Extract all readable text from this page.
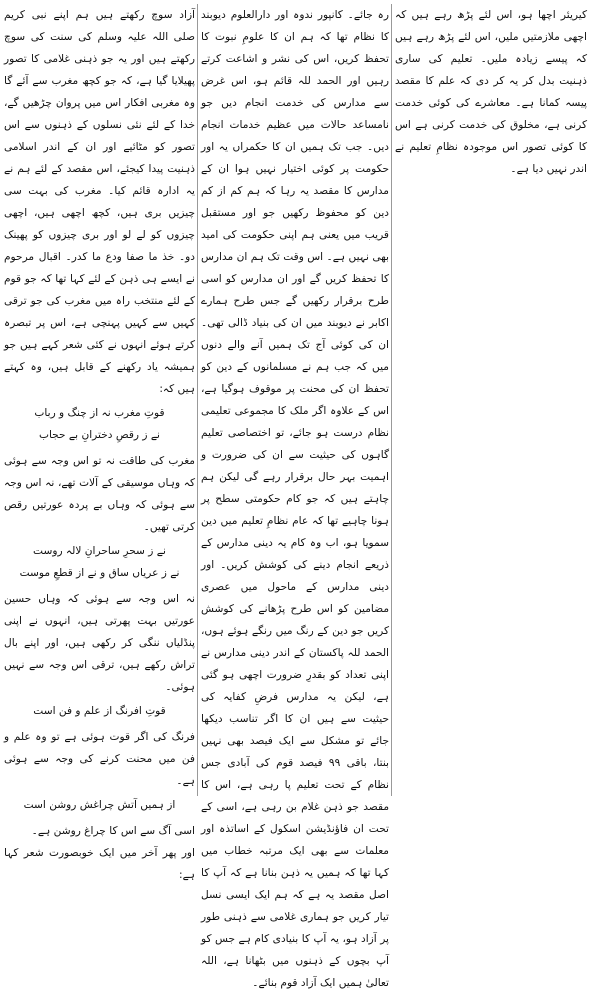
کیریئر اچھا ہو، اس لئے پڑھ رہے ہیں کہ اچھی ملازمتیں ملیں، اس لئے پڑھ رہے ہیں کہ پیسے زیادہ ملیں۔ تعلیم کی ساری ذہنیت بدل کر یہ کر دی کہ علم کا مقصد پیسہ کمانا ہے۔ معاشرے کی کوئی خدمت کرنی ہے، مخلوق کی خدمت کرنی ہے اس کا کوئی تصور اس موجودہ نظامِ تعلیم نے اندر نہیں دیا ہے۔

رہ جائے۔ کانپور ندوہ اور دارالعلوم دیوبند کا نظام تھا کہ ہم ان کا علومِ نبوت کا تحفظ کریں، اس کی نشر و اشاعت کرتے رہیں اور الحمد للہ قائم ہو، اس غرض سے مدارس کی خدمت انجام دیں جو نامساعد حالات میں عظیم خدمات انجام دیں۔ جب تک ہمیں ان کا حکمراں یہ اور حکومت پر کوئی اختیار نہیں ہوا ان کے مدارس کا مقصد یہ رہا کہ ہم کم از کم دین کو محفوظ رکھیں جو اور مستقبل قریب میں یعنی ہم اپنی حکومت کی امید بھی نہیں ہے۔ اس وقت تک ہم ان مدارس کا تحفظ کریں گے اور ان مدارس کو اسی طرح برقرار رکھیں گے جس طرح ہمارے اکابر نے دیوبند میں ان کی بنیاد ڈالی تھی۔ ان کی کوئی آج تک ہمیں آنے والے دنوں میں کہ جب ہم نے مسلمانوں کے دین کو تحفظ ان کی محنت پر موقوف ہوگیا ہے، اس کے علاوہ اگر ملک کا مجموعی تعلیمی نظام درست ہو جائے، تو اختصاصی تعلیم گاہوں کی حیثیت سے ان کی ضرورت و اہمیت بہر حال برقرار رہے گی لیکن ہم چاہتے ہیں کہ جو کام حکومتی سطح پر ہونا چاہیے تھا کہ عام نظامِ تعلیم میں دین سمویا ہو، اب وہ کام یہ دینی مدارس کے ذریعے انجام دینے کی کوشش کریں۔ اور دینی مدارس کے ماحول میں عصری مضامین کو اس طرح پڑھانے کی کوشش کریں جو دین کے رنگ میں رنگے ہوئے ہوں، الحمد للہ پاکستان کے اندر دینی مدارس نے اپنی تعداد کو بقدرِ ضرورت اچھی ہو گئی ہے، لیکن یہ مدارس فرضِ کفایہ کی حیثیت سے ہیں ان کا اگر تناسب دیکھا جائے تو مشکل سے ایک فیصد بھی نہیں بنتا، باقی ۹۹ فیصد قوم کی آبادی جس نظام کے تحت تعلیم پا رہی ہے، اس کا مقصد جو ذہن غلام بن رہی ہے، اسی کے تحت ان فاؤنڈیشن اسکول کے اساتذہ اور معلمات سے بھی ایک مرتبہ خطاب میں کہا تھا کہ ہمیں یہ ذہن بنانا ہے کہ آپ کا اصل مقصد یہ ہے کہ ہم ایک ایسی نسل تیار کریں جو ہماری غلامی سے ذہنی طور پر آزاد ہو، یہ آپ کا بنیادی کام ہے جس کو آپ بچوں کے ذہنوں میں بٹھانا ہے، اللہ تعالیٰ ہمیں ایک آزاد قوم بنائے۔

آزاد سوچ رکھتے ہیں ہم اپنے نبی کریم صلی اللہ علیہ وسلم کی سنت کی سوچ رکھتے ہیں اور یہ جو ذہنی غلامی کا تصور پھیلایا گیا ہے، کہ جو کچھ مغرب سے آئے گا وہ مغربی افکار اس میں پروان چڑھیں گے، خدا کے لئے نئی نسلوں کے ذہنوں سے اس تصور کو مٹائیے اور ان کے اندر اسلامی ذہنیت پیدا کیجئے، اس مقصد کے لئے ہم نے یہ ادارہ قائم کیا۔ مغرب کی بہت سی چیزیں بری ہیں، کچھ اچھی ہیں، اچھی چیزوں کو لے لو اور بری چیزوں کو پھینک دو۔ خذ ما صفا ودع ما کدر۔ اقبال مرحوم نے ایسے ہی ذہن کے لئے کہا تھا کہ جو قوم کے لئے منتخب راہ میں مغرب کی جو ترقی کہیں سے کہیں پہنچی ہے، اس پر تبصرہ کرتے ہوئے انہوں نے کئی شعر کہے ہیں جو ہمیشہ یاد رکھنے کے قابل ہیں، وہ کہتے ہیں کہ:

قوتِ مغرب نہ از چنگ و رباب

نے ز رقصِ دخترانِ بے حجاب

مغرب کی طاقت نہ تو اس وجہ سے ہوئی کہ وہاں موسیقی کے آلات تھے، نہ اس وجہ سے ہوئی کہ وہاں بے پردہ عورتیں رقص کرتی تھیں۔

نے ز سحرِ ساحرانِ لالہ روست

نے ز عریاں ساق و نے از قطعِ موست

نہ اس وجہ سے ہوئی کہ وہاں حسین عورتیں بہت پھرتی ہیں، انہوں نے اپنی پنڈلیاں ننگی کر رکھی ہیں، اور اپنے بال تراش رکھے ہیں، ترقی اس وجہ سے نہیں ہوئی۔

قوتِ افرنگ از علم و فن است

فرنگ کی اگر قوت ہوئی ہے تو وہ علم و فن میں محنت کرنے کی وجہ سے ہوئی ہے۔

از ہمیں آتش چراغش روشن است

اسی آگ سے اس کا چراغ روشن ہے۔

اور پھر آخر میں ایک خوبصورت شعر کہا ہے:
